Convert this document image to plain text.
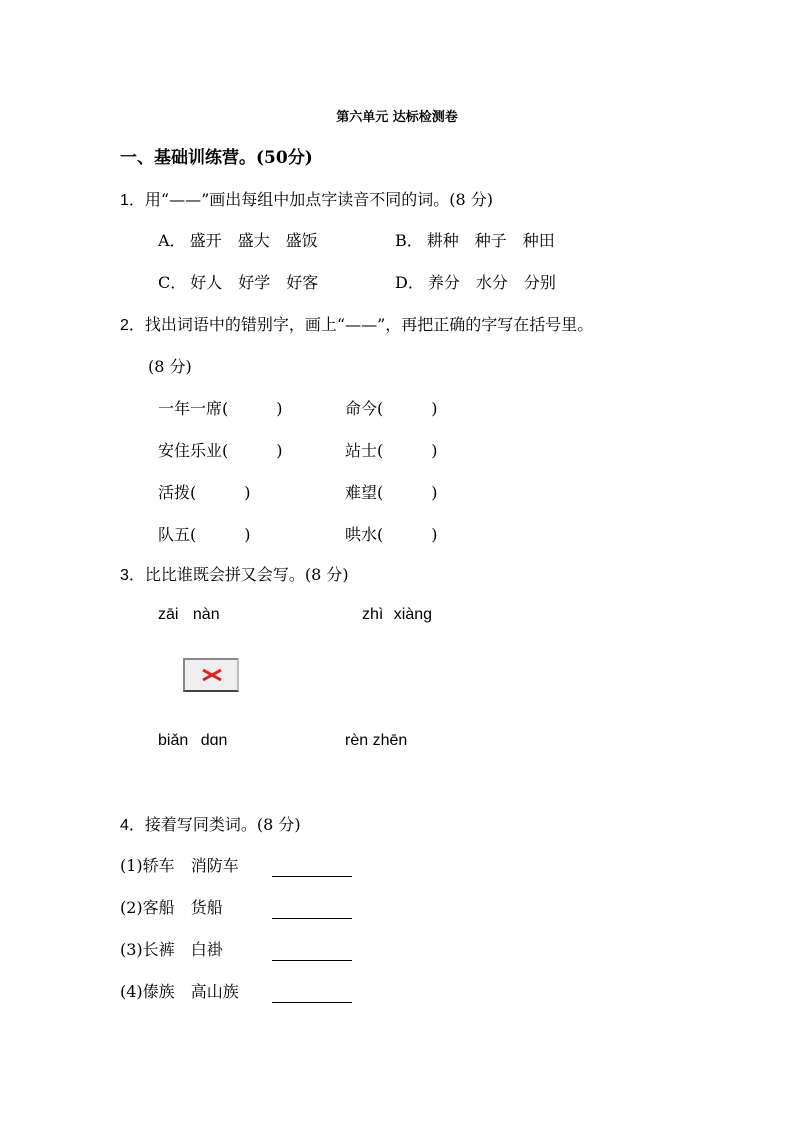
第六单元 达标检测卷
一、基础训练营。(50分)
1．用“——”画出每组中加点字读音不同的词。(8 分)
A． 盛开 盛大 盛饭	B． 耕种 种子 种田
C． 好人 好学 好客	D． 养分 水分 分别
2．找出词语中的错别字，画上“——”，再把正确的字写在括号里。
(8 分)
一年一席(	)	命今(	)
安住乐业(	)	站士(	)
活拨(	)	难望(	)
队五(	)	哄水(	)
3．比比谁既会拼又会写。(8 分)
zāi nàn	zhì xiàng
biǎn dɑn	rèn zhēn
4．接着写同类词。(8 分)
(1)轿车 消防车
(2)客船 货船
(3)长裤 白褂
(4)傣族 高山族
